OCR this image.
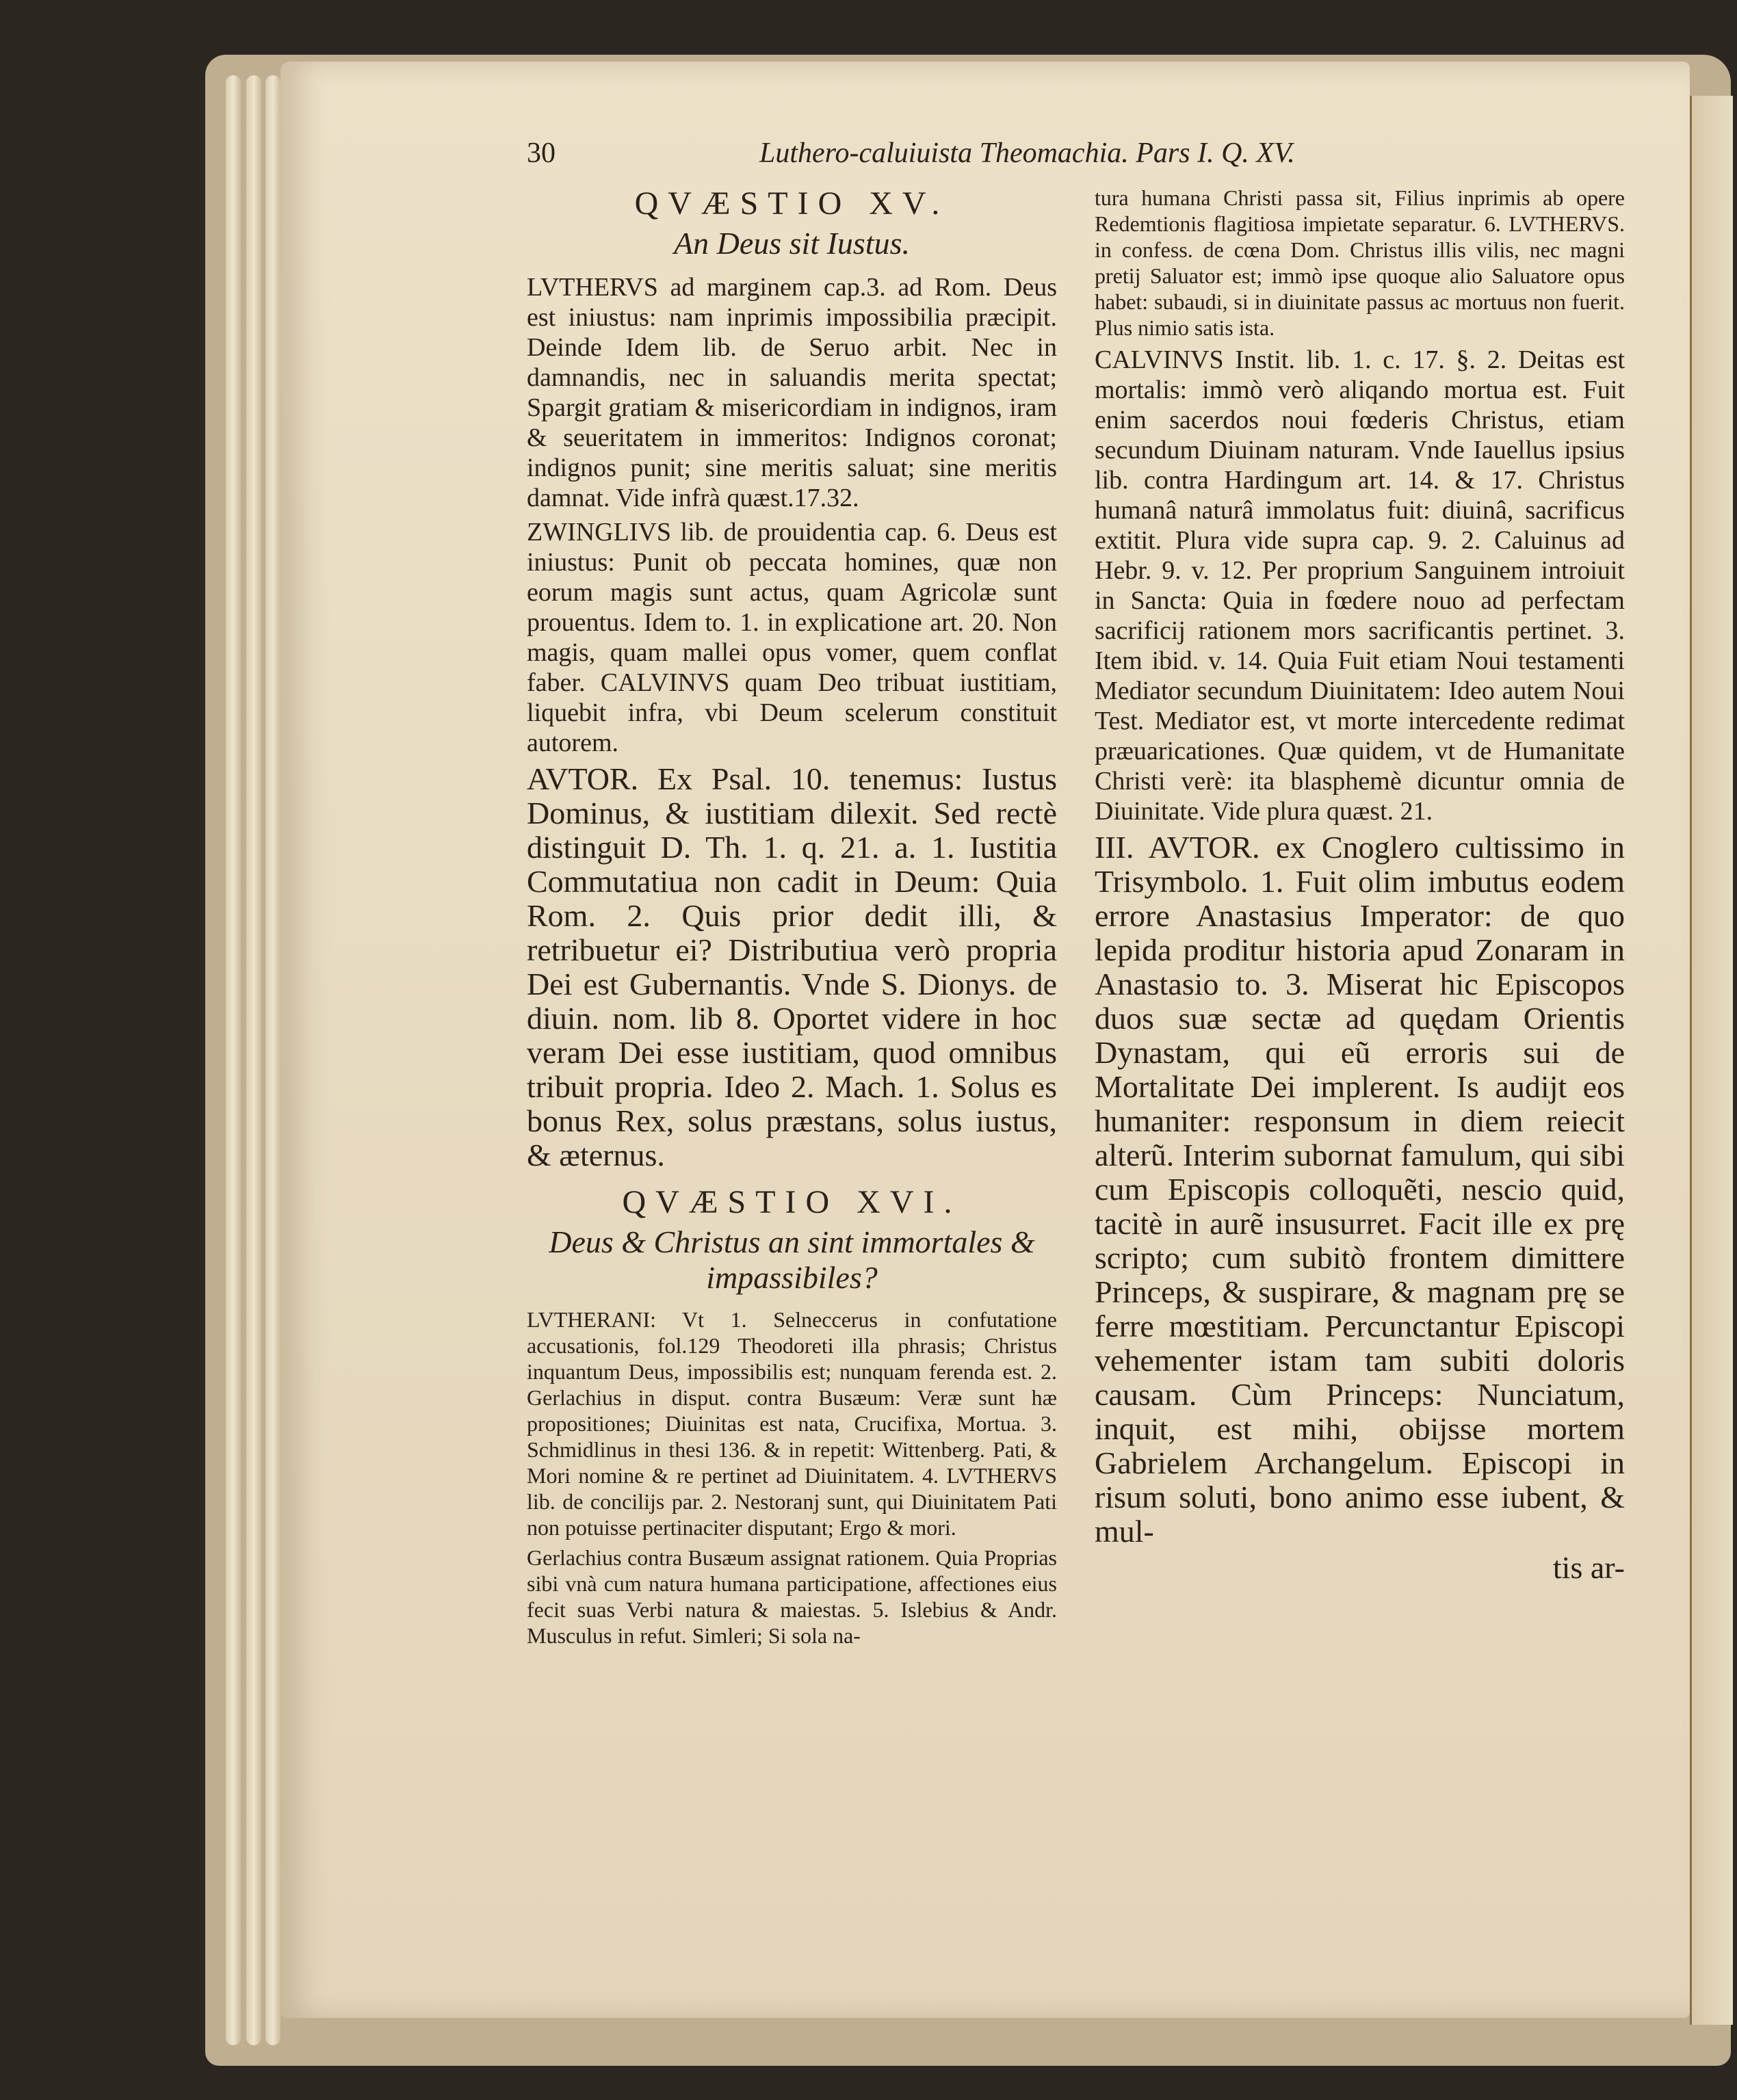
30	Luthero-caluiuista Theomachia. Pars I. Q. XV.
QVÆSTIO XV.
An Deus sit Iustus.

LVTHERVS ad marginem cap.3. ad Rom. Deus est iniustus: nam inprimis impossibilia præcipit. Deinde Idem lib. de Seruo arbit. Nec in damnandis, nec in saluandis merita spectat; Spargit gratiam & misericordiam in indignos, iram & seueritatem in immeritos: Indignos coronat; indignos punit; sine meritis saluat; sine meritis damnat. Vide infrà quæst.17.32.

ZWINGLIVS lib. de prouidentia cap. 6. Deus est iniustus: Punit ob peccata homines, quæ non eorum magis sunt actus, quam Agricolæ sunt prouentus. Idem to. 1. in explicatione art. 20. Non magis, quam mallei opus vomer, quem conflat faber. CALVINVS quam Deo tribuat iustitiam, liquebit infra, vbi Deum scelerum constituit autorem.

AVTOR. Ex Psal. 10. tenemus: Iustus Dominus, & iustitiam dilexit. Sed rectè distinguit D. Th. 1. q. 21. a. 1. Iustitia Commutatiua non cadit in Deum: Quia Rom. 2. Quis prior dedit illi, & retribuetur ei? Distributiua verò propria Dei est Gubernantis. Vnde S. Dionys. de diuin. nom. lib 8. Oportet videre in hoc veram Dei esse iustitiam, quod omnibus tribuit propria. Ideo 2. Mach. 1. Solus es bonus Rex, solus præstans, solus iustus, & æternus.

QVÆSTIO XVI.
Deus & Christus an sint immortales & impassibiles?

LVTHERANI: Vt 1. Selneccerus in confutatione accusationis, fol.129 Theodoreti illa phrasis; Christus inquantum Deus, impossibilis est; nunquam ferenda est. 2. Gerlachius in disput. contra Busæum: Veræ sunt hæ propositiones; Diuinitas est nata, Crucifixa, Mortua. 3. Schmidlinus in thesi 136. & in repetit: Wittenberg. Pati, & Mori nomine & re pertinet ad Diuinitatem. 4. LVTHERVS lib. de concilijs par. 2. Nestoranj sunt, qui Diuinitatem Pati non potuisse pertinaciter disputant; Ergo & mori.

Gerlachius contra Busæum assignat rationem. Quia Proprias sibi vnà cum natura humana participatione, affectiones eius fecit suas Verbi natura & maiestas. 5. Islebius & Andr. Musculus in refut. Simleri; Si sola na-

tura humana Christi passa sit, Filius inprimis ab opere Redemtionis flagitiosa impietate separatur. 6. LVTHERVS. in confess. de cœna Dom. Christus illis vilis, nec magni pretij Saluator est; immò ipse quoque alio Saluatore opus habet: subaudi, si in diuinitate passus ac mortuus non fuerit. Plus nimio satis ista.

CALVINVS Instit. lib. 1. c. 17. §. 2. Deitas est mortalis: immò verò aliqando mortua est. Fuit enim sacerdos noui fœderis Christus, etiam secundum Diuinam naturam. Vnde Iauellus ipsius lib. contra Hardingum art. 14. & 17. Christus humanâ naturâ immolatus fuit: diuinâ, sacrificus extitit. Plura vide supra cap. 9. 2. Caluinus ad Hebr. 9. v. 12. Per proprium Sanguinem introiuit in Sancta: Quia in fœdere nouo ad perfectam sacrificij rationem mors sacrificantis pertinet. 3. Item ibid. v. 14. Quia Fuit etiam Noui testamenti Mediator secundum Diuinitatem: Ideo autem Noui Test. Mediator est, vt morte intercedente redimat præuaricationes. Quæ quidem, vt de Humanitate Christi verè: ita blasphemè dicuntur omnia de Diuinitate. Vide plura quæst. 21.

III. AVTOR. ex Cnoglero cultissimo in Trisymbolo. 1. Fuit olim imbutus eodem errore Anastasius Imperator: de quo lepida proditur historia apud Zonaram in Anastasio to. 3. Miserat hic Episcopos duos suæ sectæ ad quędam Orientis Dynastam, qui eũ erroris sui de Mortalitate Dei implerent. Is audijt eos humaniter: responsum in diem reiecit alterũ. Interim subornat famulum, qui sibi cum Episcopis colloquẽti, nescio quid, tacitè in aurẽ insusurret. Facit ille ex prę scripto; cum subitò frontem dimittere Princeps, & suspirare, & magnam prę se ferre mœstitiam. Percunctantur Episcopi vehementer istam tam subiti doloris causam. Cùm Princeps: Nunciatum, inquit, est mihi, obijsse mortem Gabrielem Archangelum. Episcopi in risum soluti, bono animo esse iubent, & mul-

tis ar-
